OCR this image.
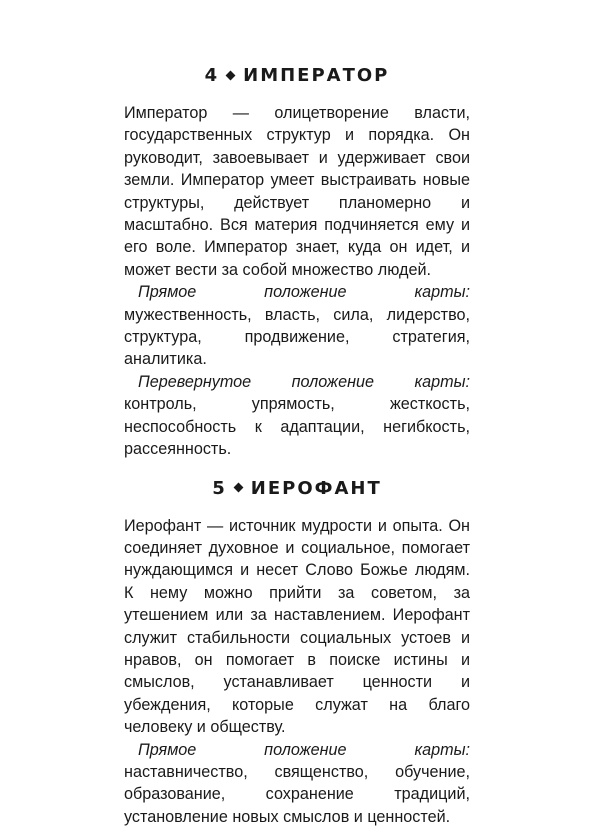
4 ИМПЕРАТОР

Император — олицетворение власти, государственных структур и порядка. Он руководит, завоевывает и удерживает свои земли. Император умеет выстраивать новые структуры, действует планомерно и масштабно. Вся материя подчиняется ему и его воле. Император знает, куда он идет, и может вести за собой множество людей.

Прямое положение карты: мужественность, власть, сила, лидерство, структура, продвижение, стратегия, аналитика.

Перевернутое положение карты: контроль, упрямость, жесткость, неспособность к адаптации, негибкость, рассеянность.

5 ИЕРОФАНТ

Иерофант — источник мудрости и опыта. Он соединяет духовное и социальное, помогает нуждающимся и несет Слово Божье людям. К нему можно прийти за советом, за утешением или за наставлением. Иерофант служит стабильности социальных устоев и нравов, он помогает в поиске истины и смыслов, устанавливает ценности и убеждения, которые служат на благо человеку и обществу.

Прямое положение карты: наставничество, священство, обучение, образование, сохранение традиций, установление новых смыслов и ценностей.
